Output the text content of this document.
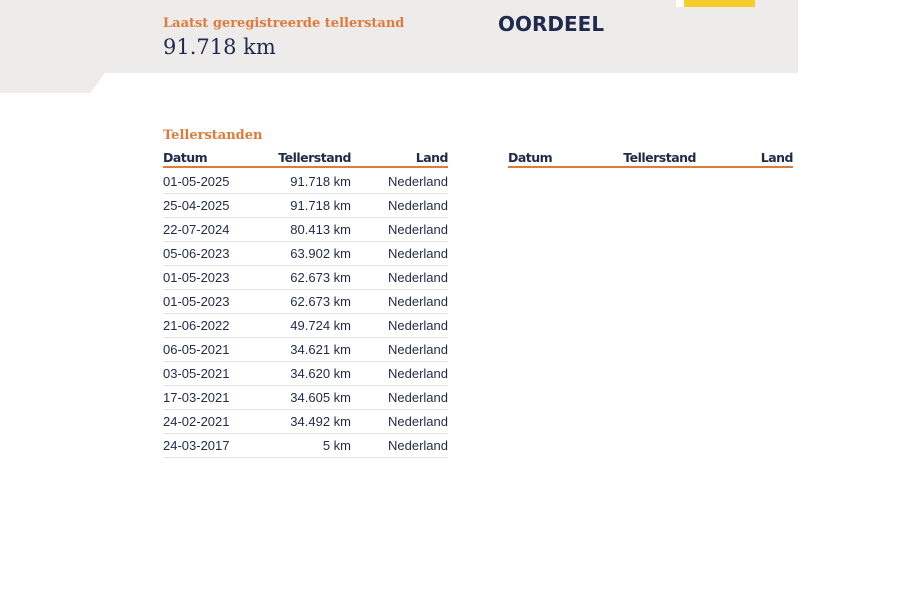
Laatst geregistreerde tellerstand
91.718 km
OORDEEL
Tellerstanden
Datum	Tellerstand	Land
01-05-2025	91.718 km	Nederland
25-04-2025	91.718 km	Nederland
22-07-2024	80.413 km	Nederland
05-06-2023	63.902 km	Nederland
01-05-2023	62.673 km	Nederland
01-05-2023	62.673 km	Nederland
21-06-2022	49.724 km	Nederland
06-05-2021	34.621 km	Nederland
03-05-2021	34.620 km	Nederland
17-03-2021	34.605 km	Nederland
24-02-2021	34.492 km	Nederland
24-03-2017	5 km	Nederland
Datum	Tellerstand	Land
